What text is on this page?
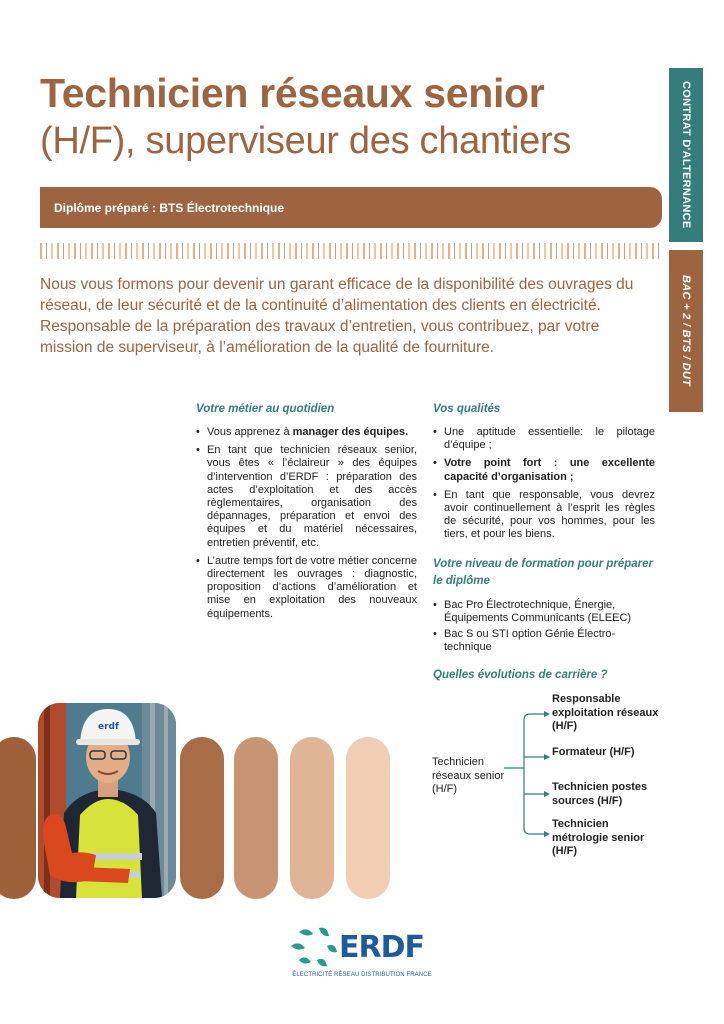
Technicien réseaux senior
(H/F), superviseur des chantiers	CONTRAT D'ALTERNANCE
BAC + 2 / BTS / DUT
Diplôme préparé : BTS Électrotechnique

Nous vous formons pour devenir un garant efficace de la disponibilité des ouvrages du réseau, de leur sécurité et de la continuité d’alimentation des clients en électricité. Responsable de la préparation des travaux d’entretien, vous contribuez, par votre mission de superviseur, à l’amélioration de la qualité de fourniture.

Votre métier au quotidien
• Vous apprenez à manager des équipes.
• En tant que technicien réseaux senior, vous êtes « l’éclaireur » des équipes d’intervention d’ERDF : préparation des actes d’exploitation et des accès règlementaires, organisation des dépannages, préparation et envoi des équipes et du matériel nécessaires, entretien préventif, etc.
• L’autre temps fort de votre métier concerne directement les ouvrages : diagnostic, proposition d’actions d’amélioration et mise en exploitation des nouveaux équipements.
Vos qualités
• Une aptitude essentielle: le pilotage d’équipe ;
• Votre point fort : une excellente capacité d’organisation ;
• En tant que responsable, vous devrez avoir continuellement à l’esprit les règles de sécurité, pour vos hommes, pour les tiers, et pour les biens.
Votre niveau de formation pour préparer le diplôme
• Bac Pro Électrotechnique, Énergie, Équipements Communicants (ELEEC)
• Bac S ou STI option Génie Électro-technique
Quelles évolutions de carrière ?
Technicien réseaux senior (H/F)
Responsable exploitation réseaux (H/F)
Formateur (H/F)
Technicien postes sources (H/F)
Technicien métrologie senior (H/F)
erdf
ERDF
ÉLECTRICITÉ RÉSEAU DISTRIBUTION FRANCE
